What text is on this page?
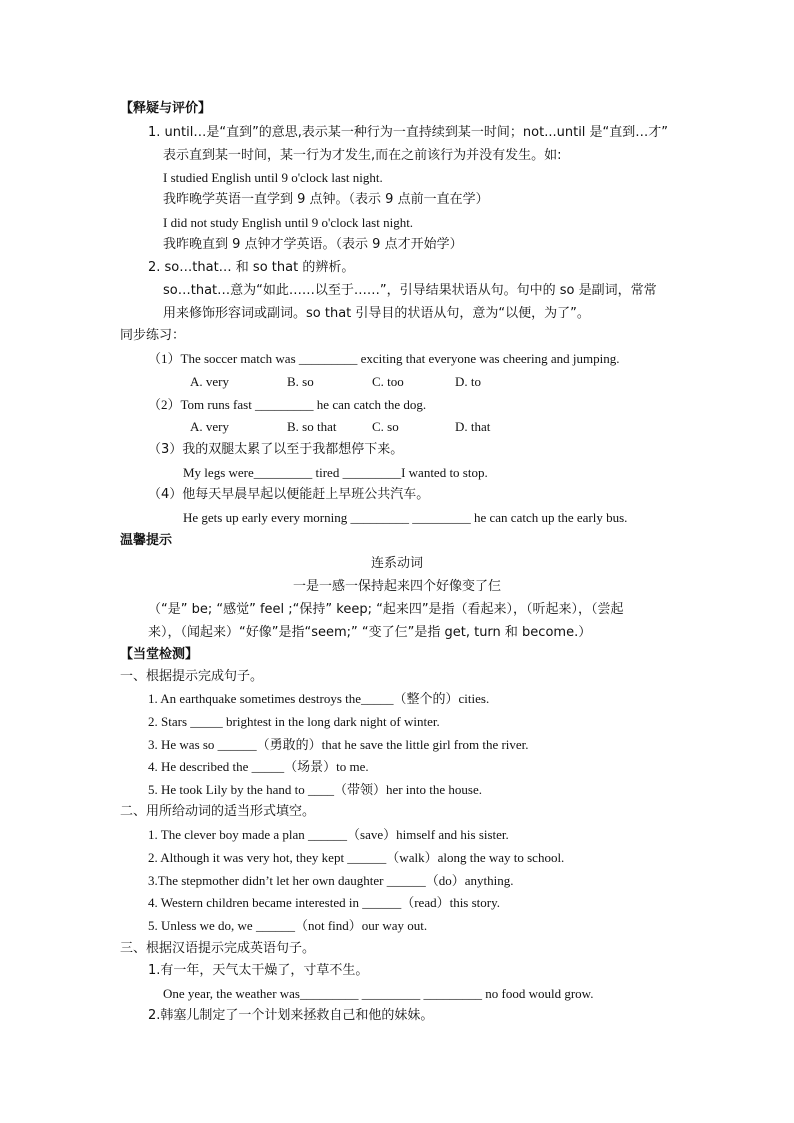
【释疑与评价】
1. until…是“直到”的意思,表示某一种行为一直持续到某一时间；not...until 是“直到…才”
表示直到某一时间，某一行为才发生,而在之前该行为并没有发生。如:
I studied English until 9 o'clock last night.
我昨晚学英语一直学到 9 点钟。（表示 9 点前一直在学）
I did not study English until 9 o'clock last night.
我昨晚直到 9 点钟才学英语。（表示 9 点才开始学）
2. so…that… 和 so that 的辨析。
so…that…意为“如此……以至于……”，引导结果状语从句。句中的 so 是副词，常常
用来修饰形容词或副词。so that 引导目的状语从句，意为“以便，为了”。
同步练习：
（1）The soccer match was _________ exciting that everyone was cheering and jumping.
A. very	B. so	C. too	D. to
（2）Tom runs fast _________ he can catch the dog.
A. very	B. so that	C. so	D. that
（3）我的双腿太累了以至于我都想停下来。
My legs were_________ tired _________I wanted to stop.
（4）他每天早晨早起以便能赶上早班公共汽车。
He gets up early every morning _________ _________ he can catch up the early bus.
温馨提示
连系动词
一是一感一保持起来四个好像变了仨
（“是” be; “感觉” feel ;“保持” keep; “起来四”是指（看起来），（听起来），（尝起
来），（闻起来）“好像”是指“seem;” “变了仨”是指 get, turn 和 become.）
【当堂检测】
一、根据提示完成句子。
1. An earthquake sometimes destroys the_____（整个的）cities.
2. Stars _____ brightest in the long dark night of winter.
3. He was so ______（勇敢的）that he save the little girl from the river.
4. He described the _____（场景）to me.
5. He took Lily by the hand to ____（带领）her into the house.
二、用所给动词的适当形式填空。
1. The clever boy made a plan ______（save）himself and his sister.
2. Although it was very hot, they kept ______（walk）along the way to school.
3.The stepmother didn’t let her own daughter ______（do）anything.
4. Western children became interested in ______（read）this story.
5. Unless we do, we ______（not find）our way out.
三、根据汉语提示完成英语句子。
1.有一年，天气太干燥了，寸草不生。
One year, the weather was_________ _________ _________ no food would grow.
2.韩塞儿制定了一个计划来拯救自己和他的妹妹。
